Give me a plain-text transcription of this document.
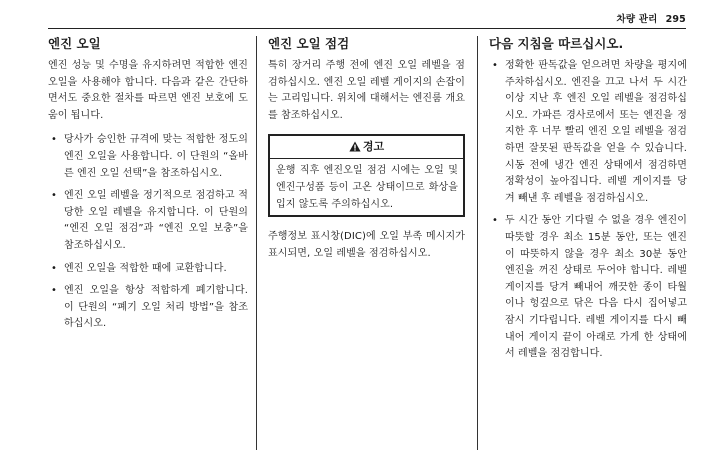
차량 관리 295
엔진 오일

엔진 성능 및 수명을 유지하려면 적합한 엔진오일을 사용해야 합니다. 다음과 같은 간단하면서도 중요한 절차를 따르면 엔진 보호에 도움이 됩니다.

• 당사가 승인한 규격에 맞는 적합한 정도의 엔진 오일을 사용합니다. 이 단원의 “올바른 엔진 오일 선택”을 참조하십시오.
• 엔진 오일 레벨을 정기적으로 점검하고 적당한 오일 레벨을 유지합니다. 이 단원의 “엔진 오일 점검”과 “엔진 오일 보충”을 참조하십시오.
• 엔진 오일을 적합한 때에 교환합니다.
• 엔진 오일을 항상 적합하게 폐기합니다. 이 단원의 “폐기 오일 처리 방법”을 참조하십시오.
엔진 오일 점검

특히 장거리 주행 전에 엔진 오일 레벨을 점검하십시오. 엔진 오일 레벨 게이지의 손잡이 는 고리입니다. 위치에 대해서는 엔진룸 개요를 참조하십시오.

경고
운행 직후 엔진오일 점검 시에는 오일 및 엔진구성품 등이 고온 상태이므로 화상을 입지 않도록 주의하십시오.

주행정보 표시창(DIC)에 오일 부족 메시지가 표시되면, 오일 레벨을 점검하십시오.

다음 지침을 따르십시오.
• 정확한 판독값을 얻으려면 차량을 평지에 주차하십시오. 엔진을 끄고 나서 두 시간 이상 지난 후 엔진 오일 레벨을 점검하십시오. 가파른 경사로에서 또는 엔진을 정지한 후 너무 빨리 엔진 오일 레벨을 점검하면 잘못된 판독값을 얻을 수 있습니다. 시동 전에 냉간 엔진 상태에서 점검하면 정확성이 높아집니다. 레벨 게이지를 당겨 빼낸 후 레벨을 점검하십시오.
• 두 시간 동안 기다릴 수 없을 경우 엔진이 따뜻할 경우 최소 15분 동안, 또는 엔진이 따뜻하지 않을 경우 최소 30분 동안 엔진을 꺼진 상태로 두어야 합니다. 레벨 게이지를 당겨 빼내어 깨끗한 종이 타월이나 헝겊으로 닦은 다음 다시 집어넣고 잠시 기다립니다. 레벨 게이지를 다시 빼내어 게이지 끝이 아래로 가게 한 상태에서 레벨을 점검합니다.
